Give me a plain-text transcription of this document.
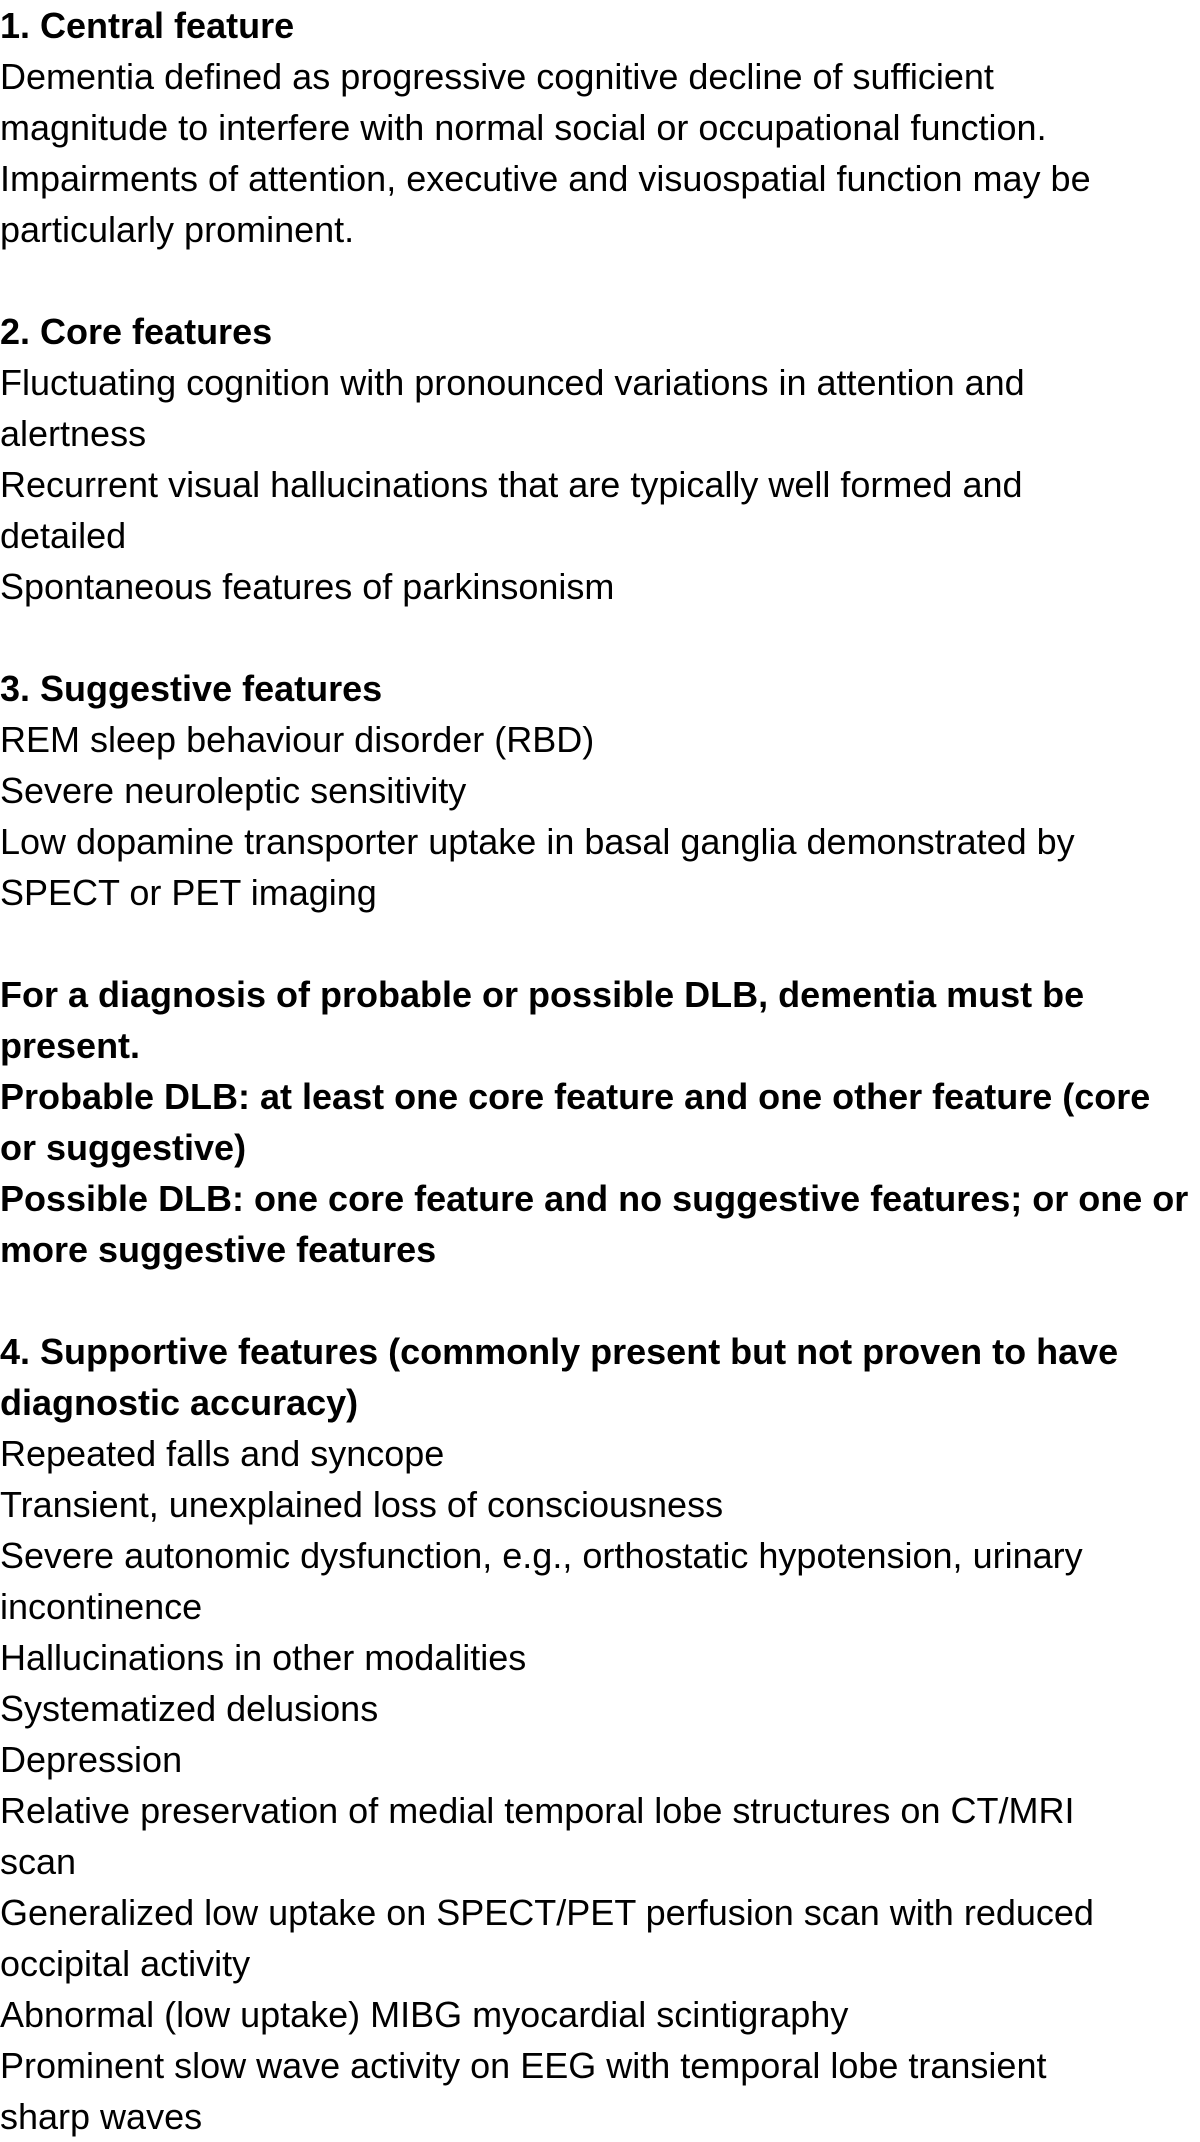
1. Central feature

Dementia defined as progressive cognitive decline of sufficient

magnitude to interfere with normal social or occupational function.

Impairments of attention, executive and visuospatial function may be

particularly prominent.

2. Core features

Fluctuating cognition with pronounced variations in attention and

alertness

Recurrent visual hallucinations that are typically well formed and

detailed

Spontaneous features of parkinsonism

3. Suggestive features

REM sleep behaviour disorder (RBD)

Severe neuroleptic sensitivity

Low dopamine transporter uptake in basal ganglia demonstrated by

SPECT or PET imaging

For a diagnosis of probable or possible DLB, dementia must be

present.

Probable DLB: at least one core feature and one other feature (core

or suggestive)

Possible DLB: one core feature and no suggestive features; or one or

more suggestive features

4. Supportive features (commonly present but not proven to have

diagnostic accuracy)

Repeated falls and syncope

Transient, unexplained loss of consciousness

Severe autonomic dysfunction, e.g., orthostatic hypotension, urinary

incontinence

Hallucinations in other modalities

Systematized delusions

Depression

Relative preservation of medial temporal lobe structures on CT/MRI

scan

Generalized low uptake on SPECT/PET perfusion scan with reduced

occipital activity

Abnormal (low uptake) MIBG myocardial scintigraphy

Prominent slow wave activity on EEG with temporal lobe transient

sharp waves
